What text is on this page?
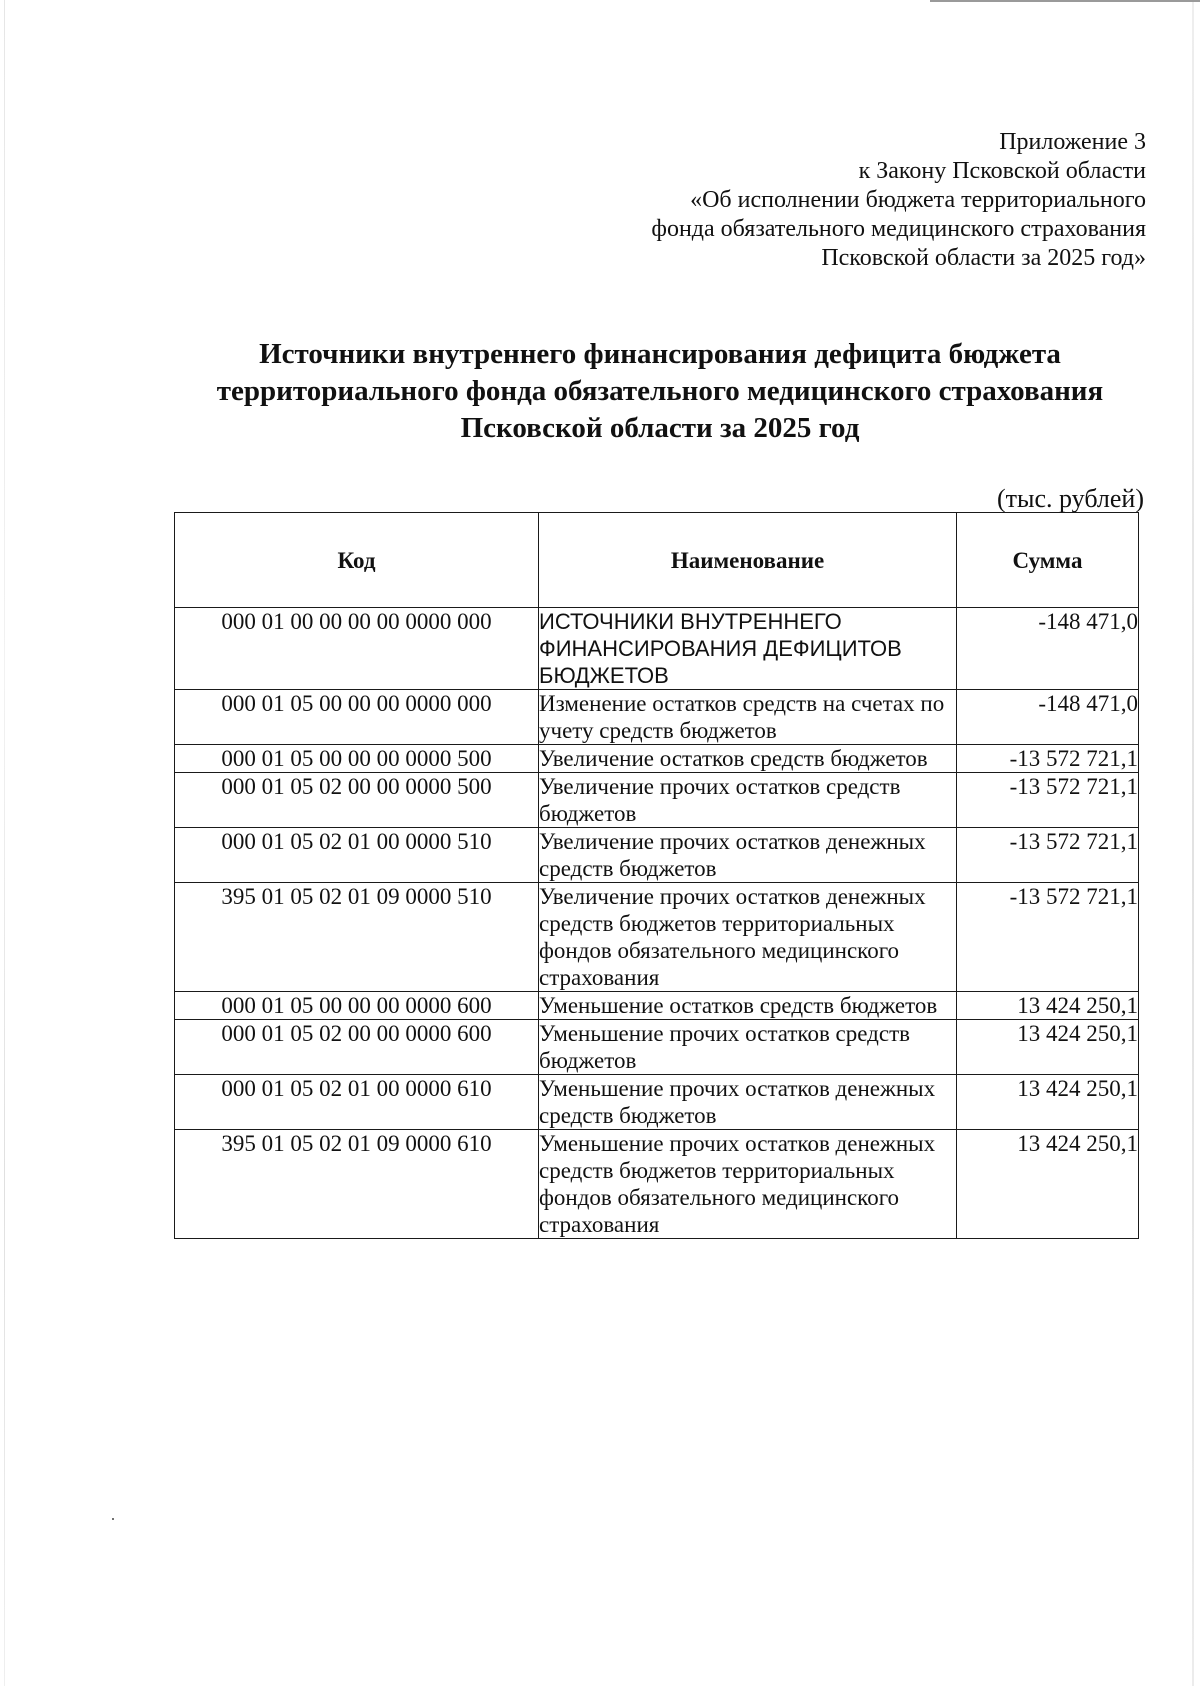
Приложение 3
к Закону Псковской области
«Об исполнении бюджета территориального
фонда обязательного медицинского страхования
Псковской области за 2025 год»
Источники внутреннего финансирования дефицита бюджета
территориального фонда обязательного медицинского страхования
Псковской области за 2025 год
(тыс. рублей)
Код	Наименование	Сумма
000 01 00 00 00 00 0000 000	ИСТОЧНИКИ ВНУТРЕННЕГО ФИНАНСИРОВАНИЯ ДЕФИЦИТОВ БЮДЖЕТОВ	-148 471,0
000 01 05 00 00 00 0000 000	Изменение остатков средств на счетах по учету средств бюджетов	-148 471,0
000 01 05 00 00 00 0000 500	Увеличение остатков средств бюджетов	-13 572 721,1
000 01 05 02 00 00 0000 500	Увеличение прочих остатков средств бюджетов	-13 572 721,1
000 01 05 02 01 00 0000 510	Увеличение прочих остатков денежных средств бюджетов	-13 572 721,1
395 01 05 02 01 09 0000 510	Увеличение прочих остатков денежных средств бюджетов территориальных фондов обязательного медицинского страхования	-13 572 721,1
000 01 05 00 00 00 0000 600	Уменьшение остатков средств бюджетов	13 424 250,1
000 01 05 02 00 00 0000 600	Уменьшение прочих остатков средств бюджетов	13 424 250,1
000 01 05 02 01 00 0000 610	Уменьшение прочих остатков денежных средств бюджетов	13 424 250,1
395 01 05 02 01 09 0000 610	Уменьшение прочих остатков денежных средств бюджетов территориальных фондов обязательного медицинского страхования	13 424 250,1
